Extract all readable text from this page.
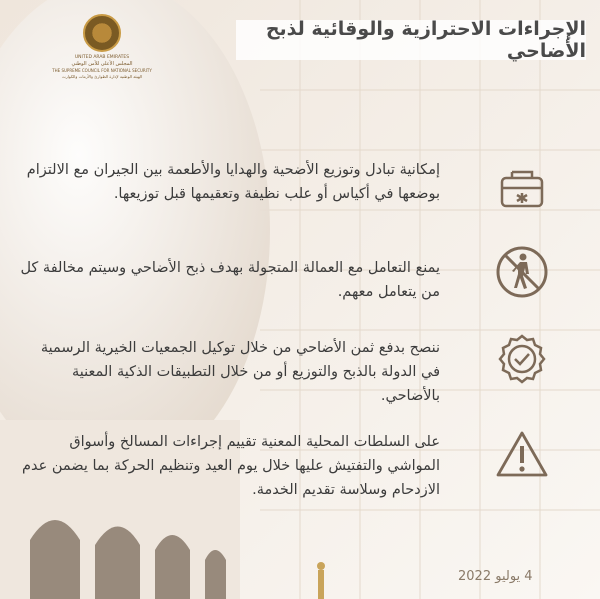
UNITED ARAB EMIRATES
المجلس الأعلى للأمن الوطني
THE SUPREME COUNCIL FOR NATIONAL SECURITY
الهيئة الوطنية لإدارة الطوارئ والأزمات والكوارث
الإجراءات الاحترازية والوقائية لذبح الأضاحي
إمكانية تبادل وتوزيع الأضحية والهدايا والأطعمة بين الجيران مع الالتزام بوضعها في أكياس أو علب نظيفة وتعقيمها قبل توزيعها.
يمنع التعامل مع العمالة المتجولة بهدف ذبح الأضاحي وسيتم مخالفة كل من يتعامل معهم.
ننصح بدفع ثمن الأضاحي من خلال توكيل الجمعيات الخيرية الرسمية في الدولة بالذبح والتوزيع أو من خلال التطبيقات الذكية المعنية بالأضاحي.
على السلطات المحلية المعنية تقييم إجراءات المسالخ وأسواق المواشي والتفتيش عليها خلال يوم العيد وتنظيم الحركة بما يضمن عدم الازدحام وسلاسة تقديم الخدمة.
4 يوليو 2022
